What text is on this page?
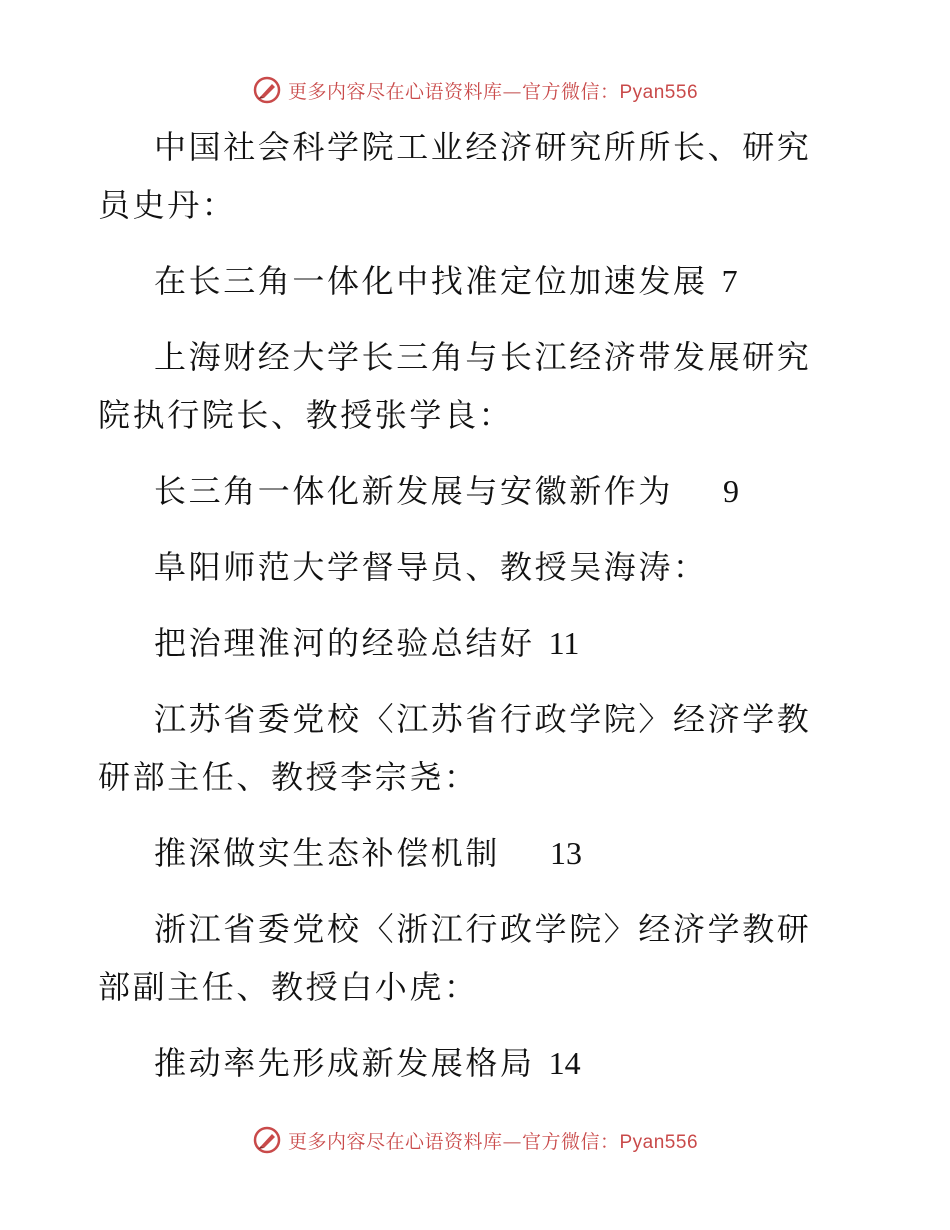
更多内容尽在心语资料库—官方微信：Pyan556

中国社会科学院工业经济研究所所长、研究员史丹：

在长三角一体化中找准定位加速发展 7

上海财经大学长三角与长江经济带发展研究院执行院长、教授张学良：

长三角一体化新发展与安徽新作为 9

阜阳师范大学督导员、教授吴海涛：

把治理淮河的经验总结好 11

江苏省委党校〈江苏省行政学院〉经济学教研部主任、教授李宗尧：

推深做实生态补偿机制 13

浙江省委党校〈浙江行政学院〉经济学教研部副主任、教授白小虎：

推动率先形成新发展格局 14

更多内容尽在心语资料库—官方微信：Pyan556
